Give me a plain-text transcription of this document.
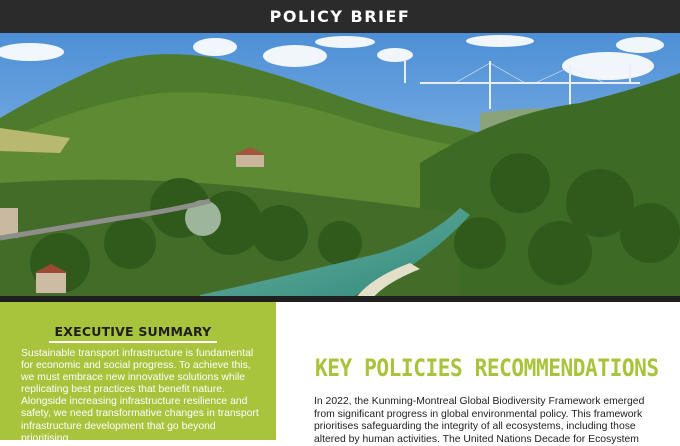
POLICY BRIEF
EXECUTIVE SUMMARY
Sustainable transport infrastructure is fundamental for economic and social progress. To achieve this, we must embrace new innovative solutions while replicating best practices that benefit nature. Alongside increasing infrastructure resilience and safety, we need transformative changes in transport infrastructure development that go beyond prioritising
KEY POLICIES RECOMMENDATIONS
In 2022, the Kunming-Montreal Global Biodiversity Framework emerged from significant progress in global environmental policy. This framework prioritises safeguarding the integrity of all ecosystems, including those altered by human activities. The United Nations Decade for Ecosystem
